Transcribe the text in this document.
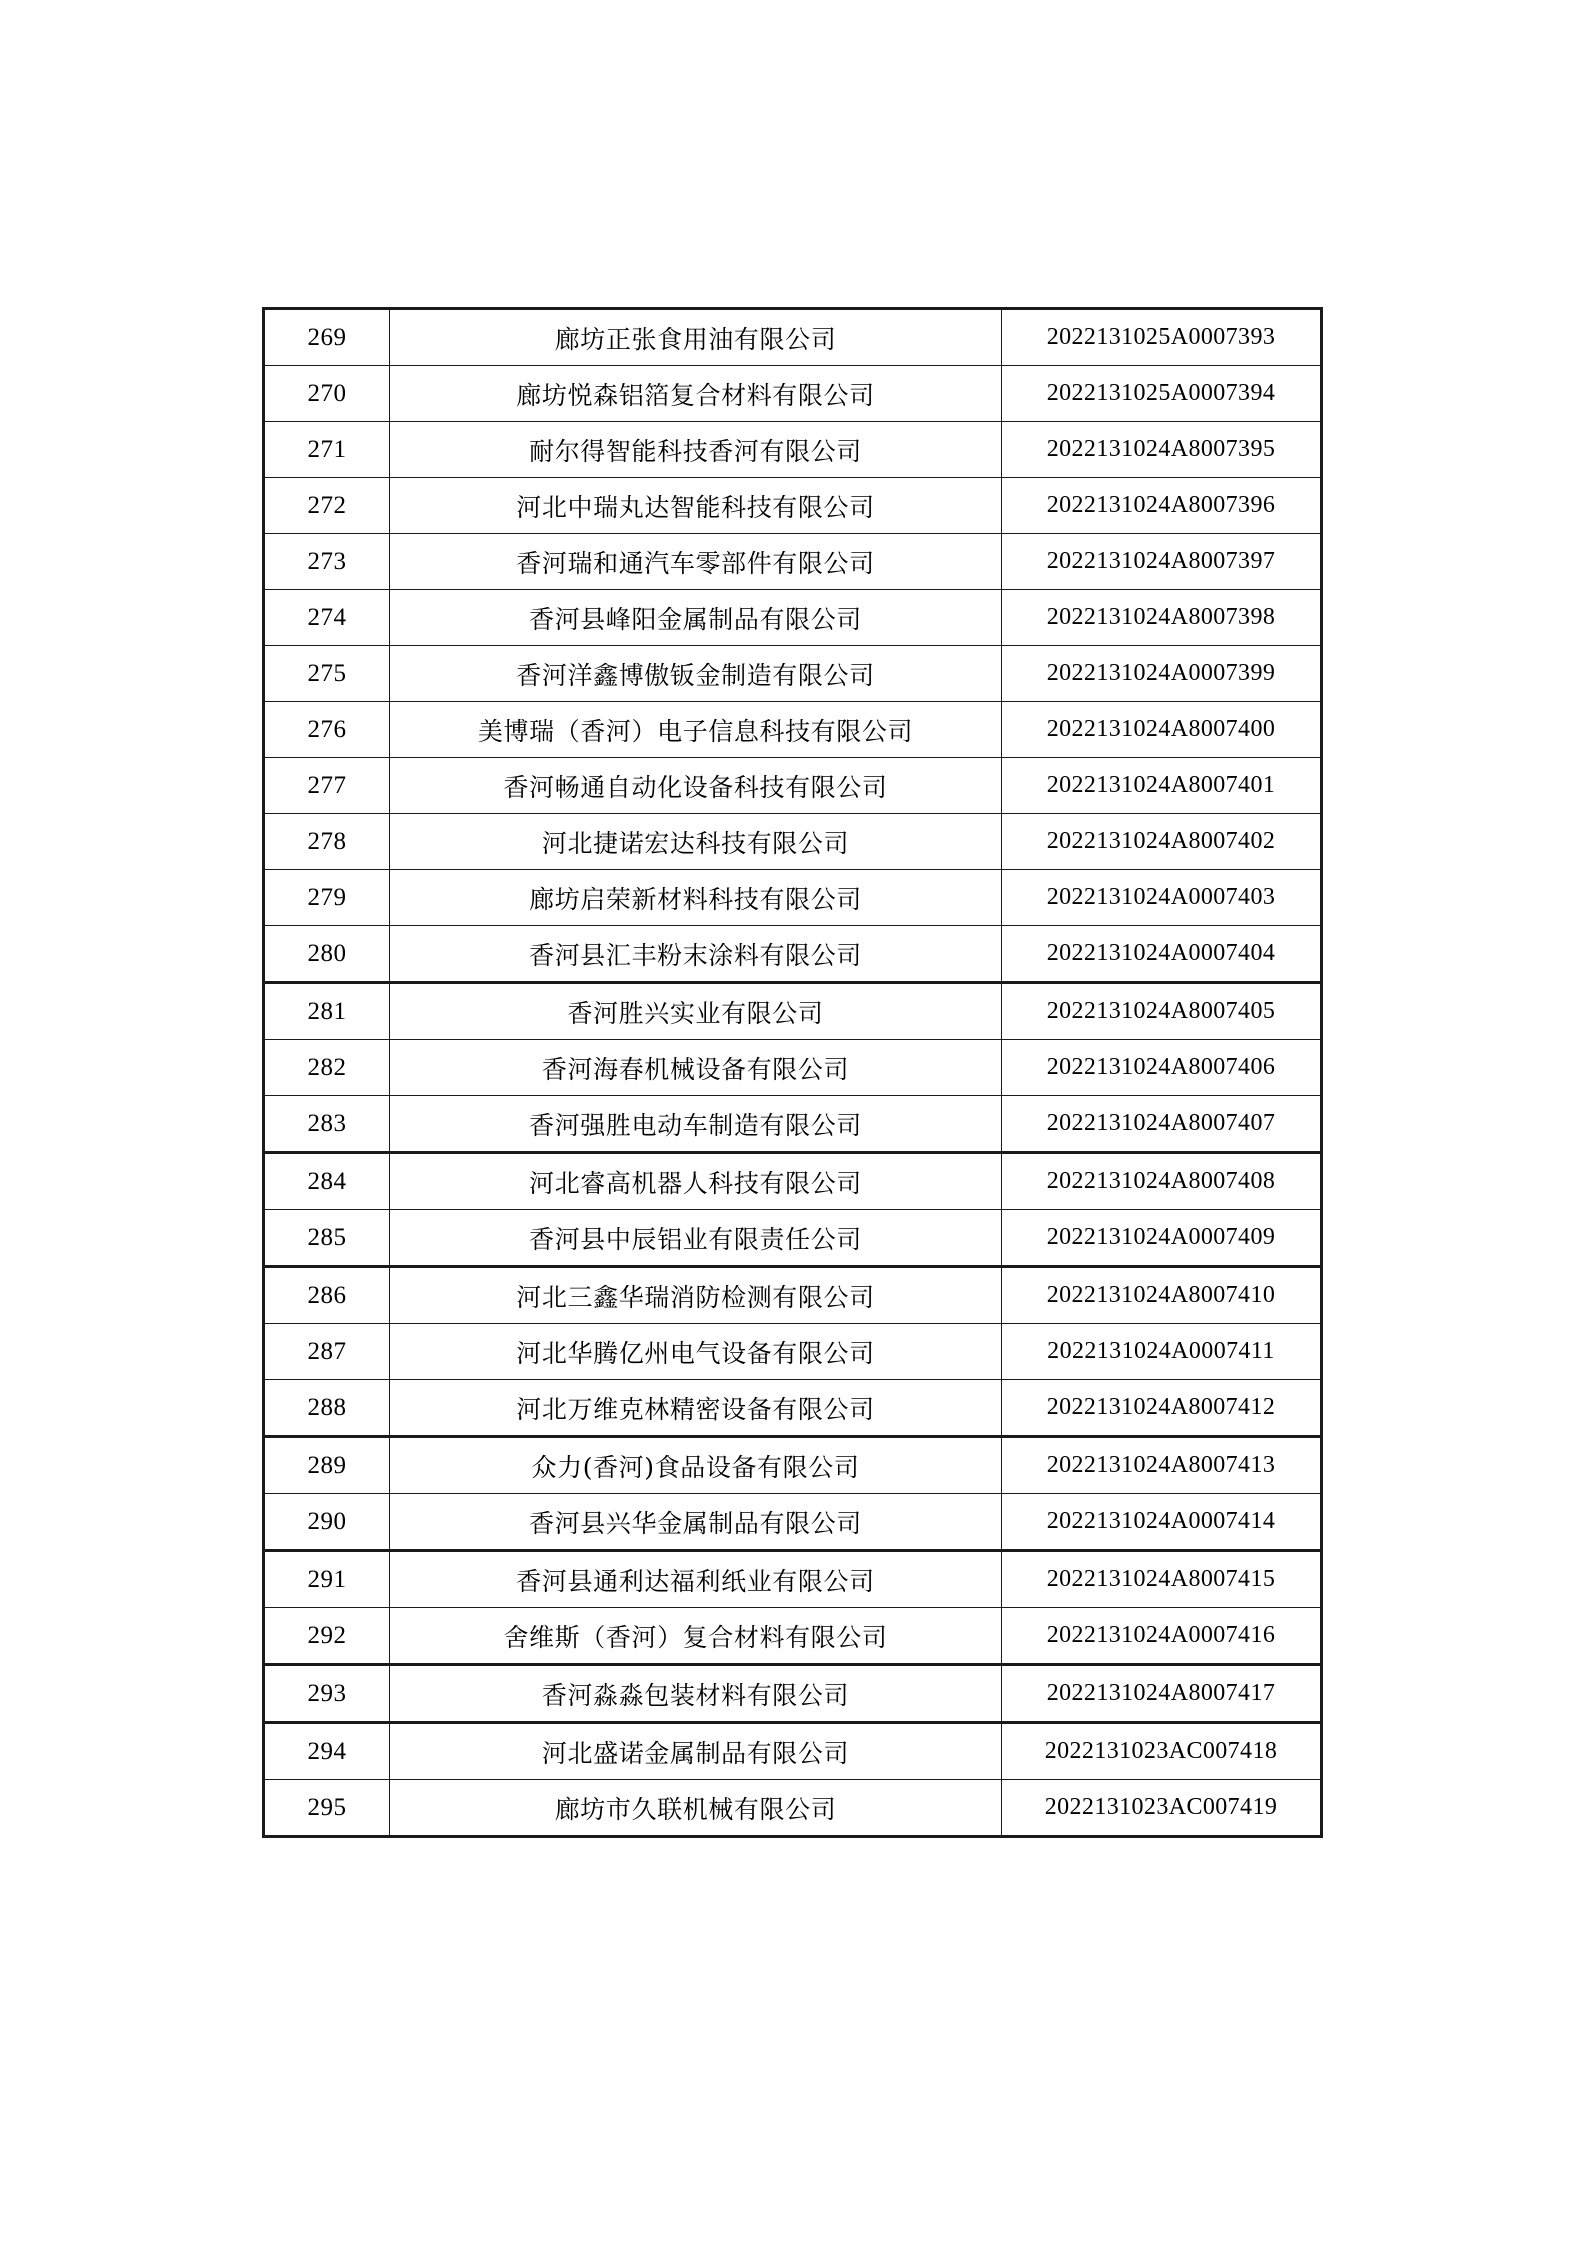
269	廊坊正张食用油有限公司	2022131025A0007393
270	廊坊悦森铝箔复合材料有限公司	2022131025A0007394
271	耐尔得智能科技香河有限公司	2022131024A8007395
272	河北中瑞丸达智能科技有限公司	2022131024A8007396
273	香河瑞和通汽车零部件有限公司	2022131024A8007397
274	香河县峰阳金属制品有限公司	2022131024A8007398
275	香河洋鑫博傲钣金制造有限公司	2022131024A0007399
276	美博瑞（香河）电子信息科技有限公司	2022131024A8007400
277	香河畅通自动化设备科技有限公司	2022131024A8007401
278	河北捷诺宏达科技有限公司	2022131024A8007402
279	廊坊启荣新材料科技有限公司	2022131024A0007403
280	香河县汇丰粉末涂料有限公司	2022131024A0007404
281	香河胜兴实业有限公司	2022131024A8007405
282	香河海春机械设备有限公司	2022131024A8007406
283	香河强胜电动车制造有限公司	2022131024A8007407
284	河北睿高机器人科技有限公司	2022131024A8007408
285	香河县中辰铝业有限责任公司	2022131024A0007409
286	河北三鑫华瑞消防检测有限公司	2022131024A8007410
287	河北华腾亿州电气设备有限公司	2022131024A0007411
288	河北万维克林精密设备有限公司	2022131024A8007412
289	众力(香河)食品设备有限公司	2022131024A8007413
290	香河县兴华金属制品有限公司	2022131024A0007414
291	香河县通利达福利纸业有限公司	2022131024A8007415
292	舍维斯（香河）复合材料有限公司	2022131024A0007416
293	香河淼淼包装材料有限公司	2022131024A8007417
294	河北盛诺金属制品有限公司	2022131023AC007418
295	廊坊市久联机械有限公司	2022131023AC007419
